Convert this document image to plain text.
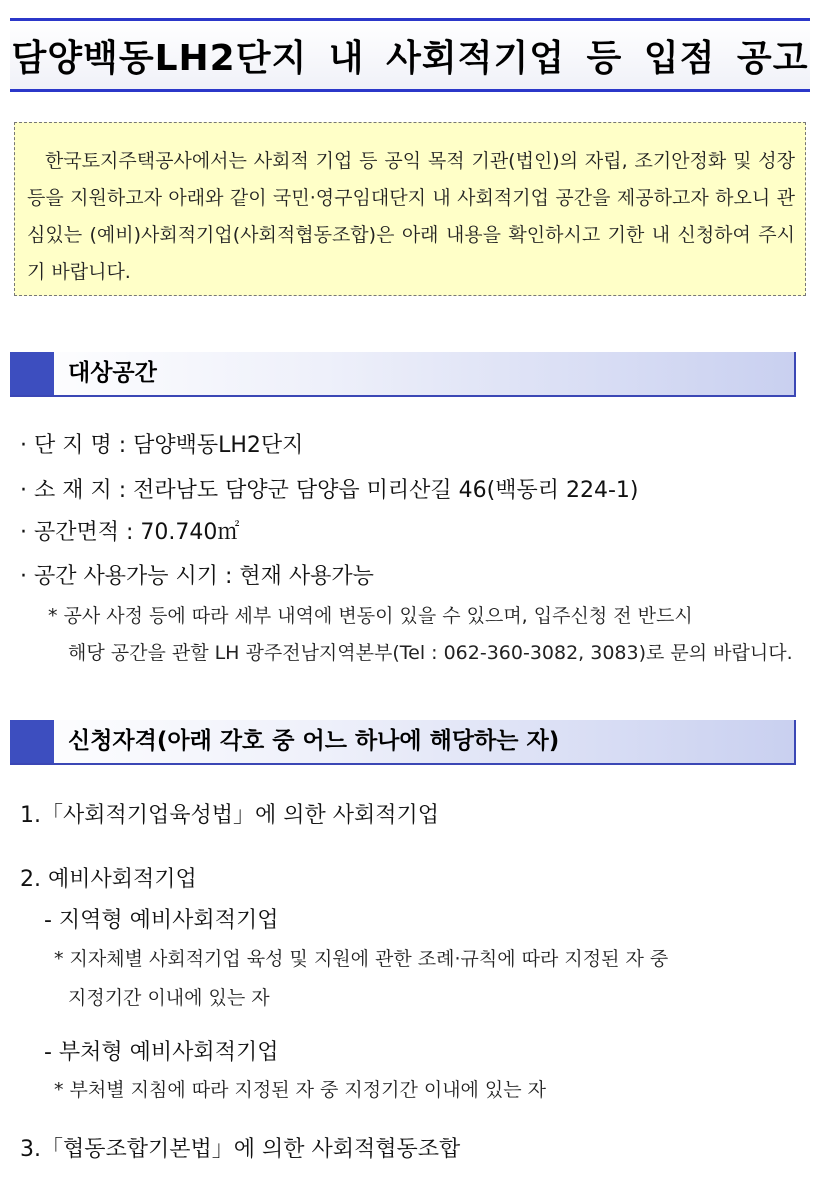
담양백동LH2단지 내 사회적기업 등 입점 공고

한국토지주택공사에서는 사회적 기업 등 공익 목적 기관(법인)의 자립, 조기안정화 및 성장 등을 지원하고자 아래와 같이 국민·영구임대단지 내 사회적기업 공간을 제공하고자 하오니 관심있는 (예비)사회적기업(사회적협동조합)은 아래 내용을 확인하시고 기한 내 신청하여 주시기 바랍니다.

대상공간
· 단 지 명 : 담양백동LH2단지
· 소 재 지 : 전라남도 담양군 담양읍 미리산길 46(백동리 224-1)
· 공간면적 : 70.740㎡
· 공간 사용가능 시기 : 현재 사용가능
* 공사 사정 등에 따라 세부 내역에 변동이 있을 수 있으며, 입주신청 전 반드시
해당 공간을 관할 LH 광주전남지역본부(Tel : 062-360-3082, 3083)로 문의 바랍니다.
신청자격(아래 각호 중 어느 하나에 해당하는 자)
1.「사회적기업육성법」에 의한 사회적기업
2. 예비사회적기업
- 지역형 예비사회적기업
* 지자체별 사회적기업 육성 및 지원에 관한 조례·규칙에 따라 지정된 자 중
지정기간 이내에 있는 자
- 부처형 예비사회적기업
* 부처별 지침에 따라 지정된 자 중 지정기간 이내에 있는 자
3.「협동조합기본법」에 의한 사회적협동조합
